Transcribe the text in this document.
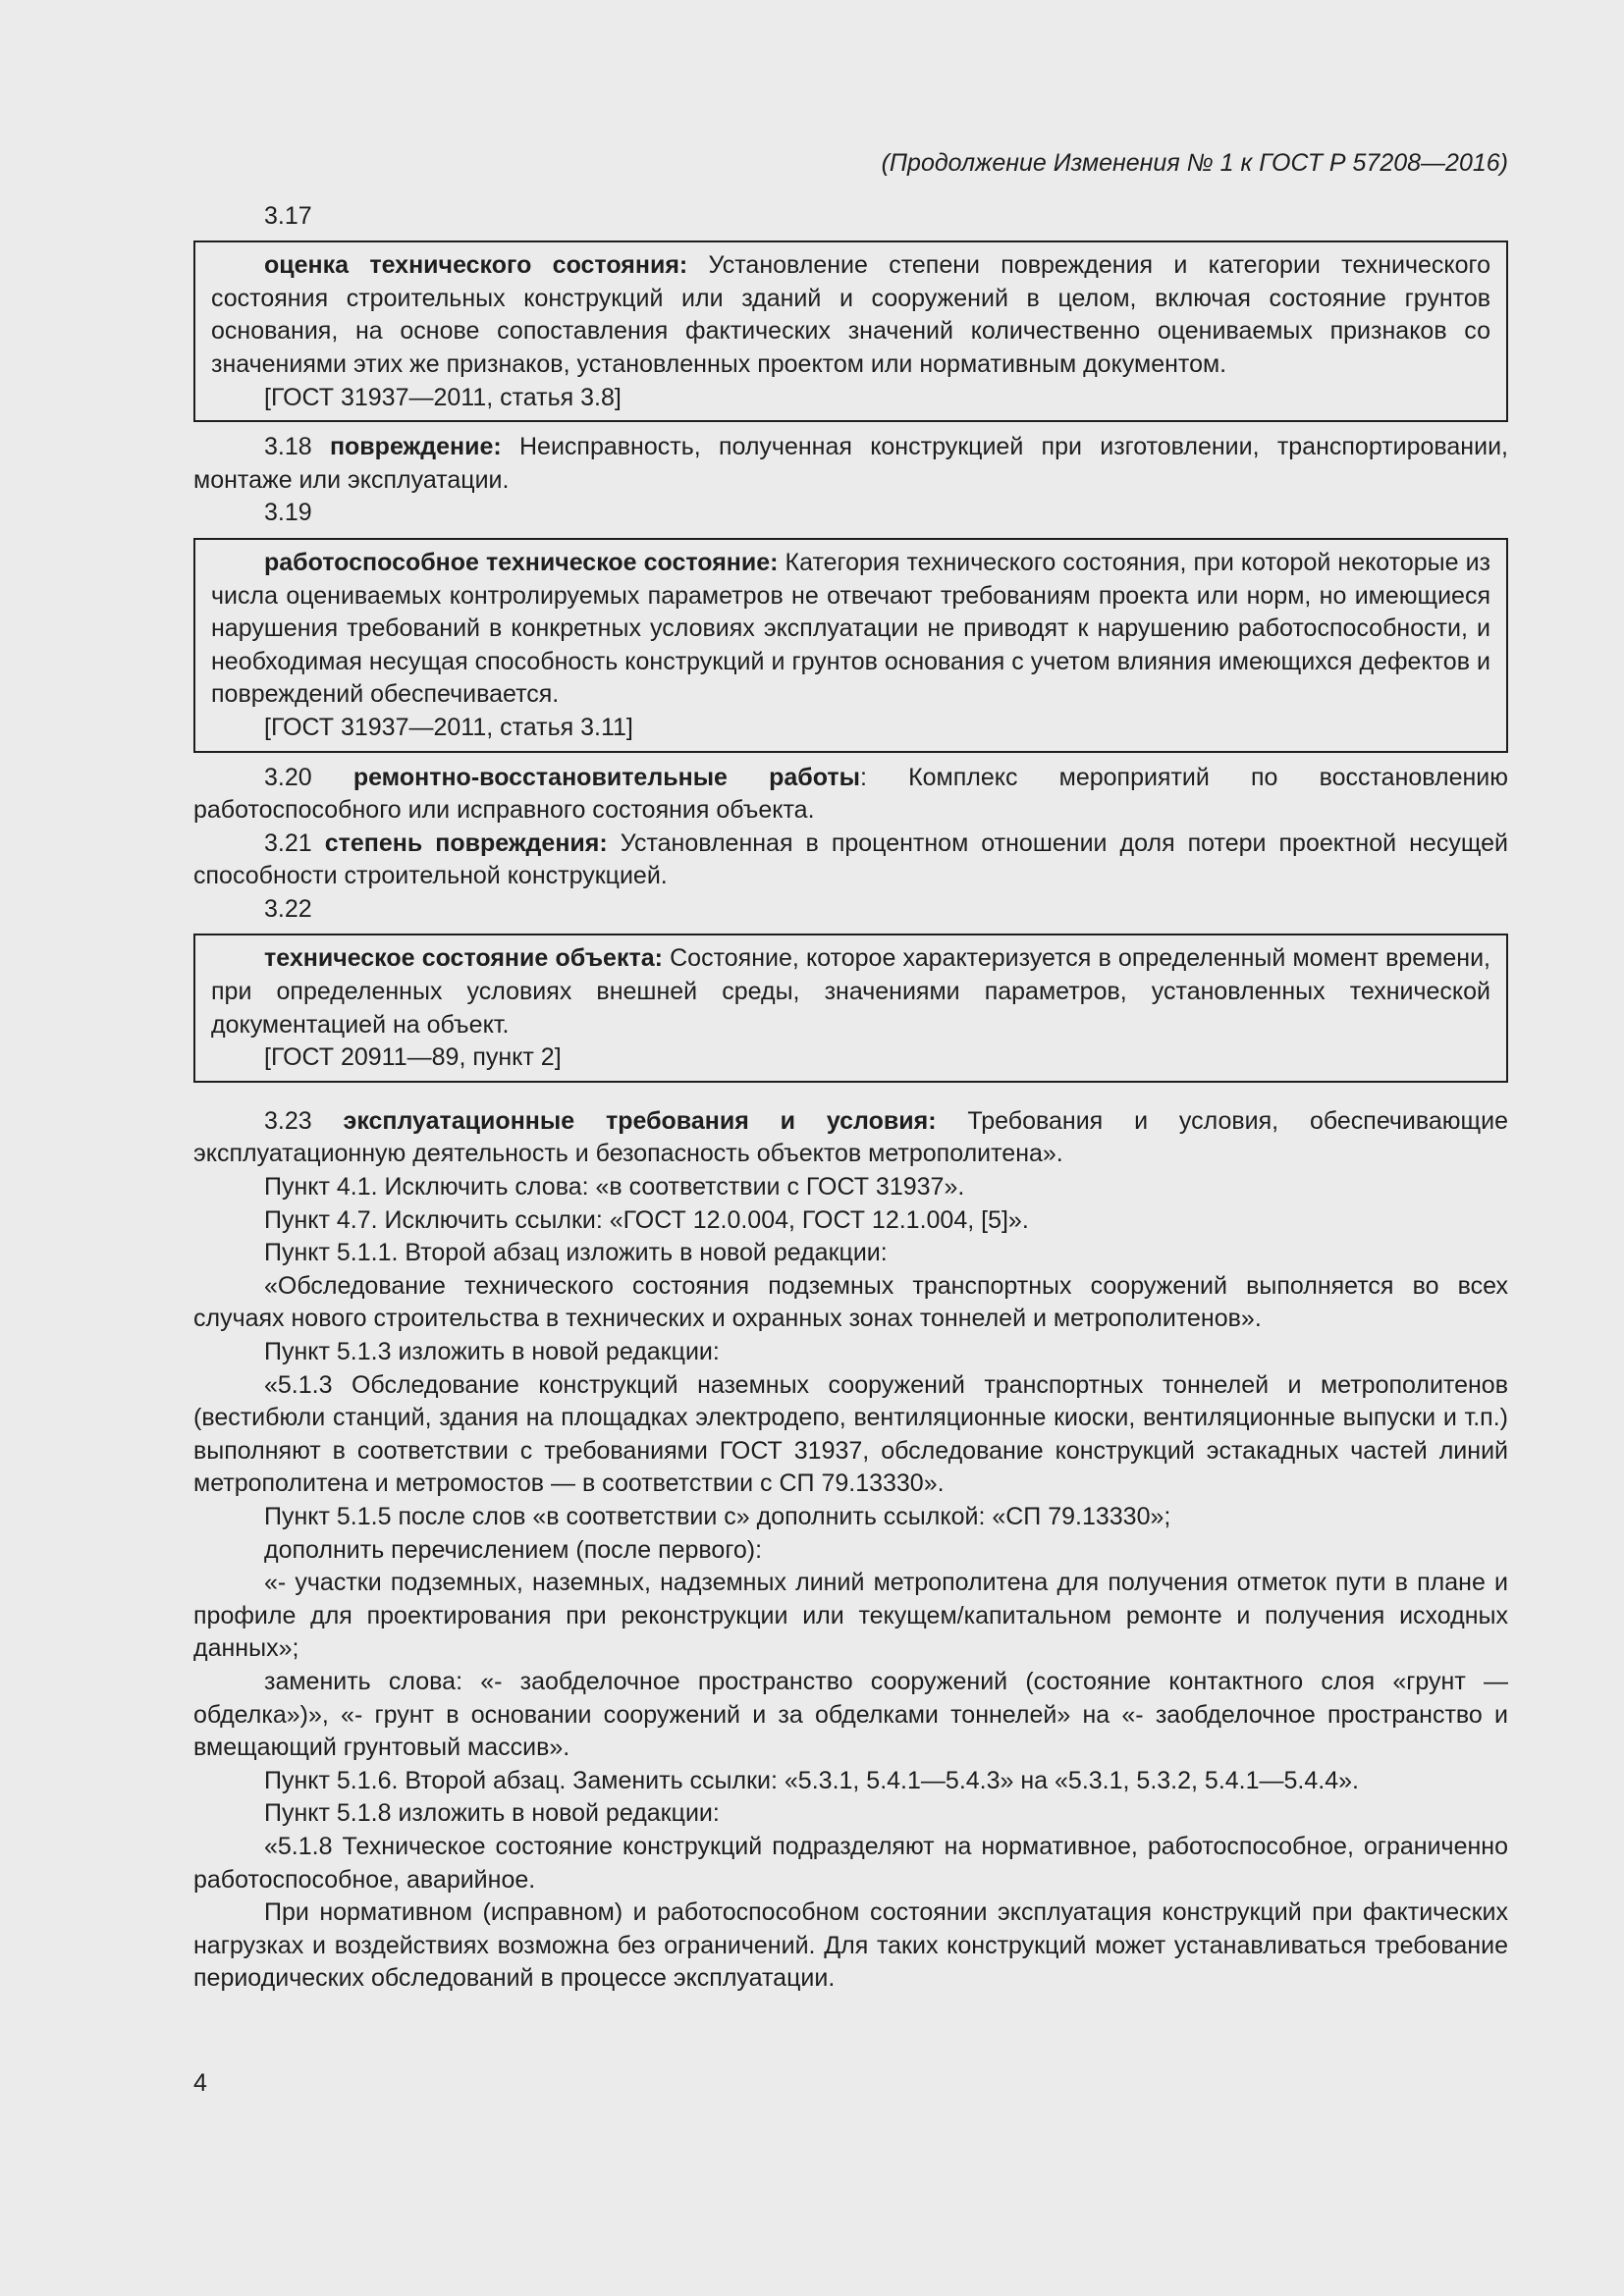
(Продолжение Изменения № 1 к ГОСТ Р 57208—2016)

3.17

оценка технического состояния: Установление степени повреждения и категории технического состояния строительных конструкций или зданий и сооружений в целом, включая состояние грунтов основания, на основе сопоставления фактических значений количественно оцениваемых признаков со значениями этих же признаков, установленных проектом или нормативным документом.

[ГОСТ 31937—2011, статья 3.8]

3.18 повреждение: Неисправность, полученная конструкцией при изготовлении, транспортировании, монтаже или эксплуатации.

3.19

работоспособное техническое состояние: Категория технического состояния, при которой некоторые из числа оцениваемых контролируемых параметров не отвечают требованиям проекта или норм, но имеющиеся нарушения требований в конкретных условиях эксплуатации не приводят к нарушению работоспособности, и необходимая несущая способность конструкций и грунтов основания с учетом влияния имеющихся дефектов и повреждений обеспечивается.

[ГОСТ 31937—2011, статья 3.11]

3.20 ремонтно-восстановительные работы: Комплекс мероприятий по восстановлению работоспособного или исправного состояния объекта.

3.21 степень повреждения: Установленная в процентном отношении доля потери проектной несущей способности строительной конструкцией.

3.22

техническое состояние объекта: Состояние, которое характеризуется в определенный момент времени, при определенных условиях внешней среды, значениями параметров, установленных технической документацией на объект.

[ГОСТ 20911—89, пункт 2]

3.23 эксплуатационные требования и условия: Требования и условия, обеспечивающие эксплуатационную деятельность и безопасность объектов метрополитена».

Пункт 4.1. Исключить слова: «в соответствии с ГОСТ 31937».

Пункт 4.7. Исключить ссылки: «ГОСТ 12.0.004, ГОСТ 12.1.004, [5]».

Пункт 5.1.1. Второй абзац изложить в новой редакции:

«Обследование технического состояния подземных транспортных сооружений выполняется во всех случаях нового строительства в технических и охранных зонах тоннелей и метрополитенов».

Пункт 5.1.3 изложить в новой редакции:

«5.1.3 Обследование конструкций наземных сооружений транспортных тоннелей и метрополитенов (вестибюли станций, здания на площадках электродепо, вентиляционные киоски, вентиляционные выпуски и т.п.) выполняют в соответствии с требованиями ГОСТ 31937, обследование конструкций эстакадных частей линий метрополитена и метромостов — в соответствии с СП 79.13330».

Пункт 5.1.5 после слов «в соответствии с» дополнить ссылкой: «СП 79.13330»;

дополнить перечислением (после первого):

«- участки подземных, наземных, надземных линий метрополитена для получения отметок пути в плане и профиле для проектирования при реконструкции или текущем/капитальном ремонте и получения исходных данных»;

заменить слова: «- заобделочное пространство сооружений (состояние контактного слоя «грунт — обделка»)», «- грунт в основании сооружений и за обделками тоннелей» на «- заобделочное пространство и вмещающий грунтовый массив».

Пункт 5.1.6. Второй абзац. Заменить ссылки: «5.3.1, 5.4.1—5.4.3» на «5.3.1, 5.3.2, 5.4.1—5.4.4».

Пункт 5.1.8 изложить в новой редакции:

«5.1.8 Техническое состояние конструкций подразделяют на нормативное, работоспособное, ограниченно работоспособное, аварийное.

При нормативном (исправном) и работоспособном состоянии эксплуатация конструкций при фактических нагрузках и воздействиях возможна без ограничений. Для таких конструкций может устанавливаться требование периодических обследований в процессе эксплуатации.

4
